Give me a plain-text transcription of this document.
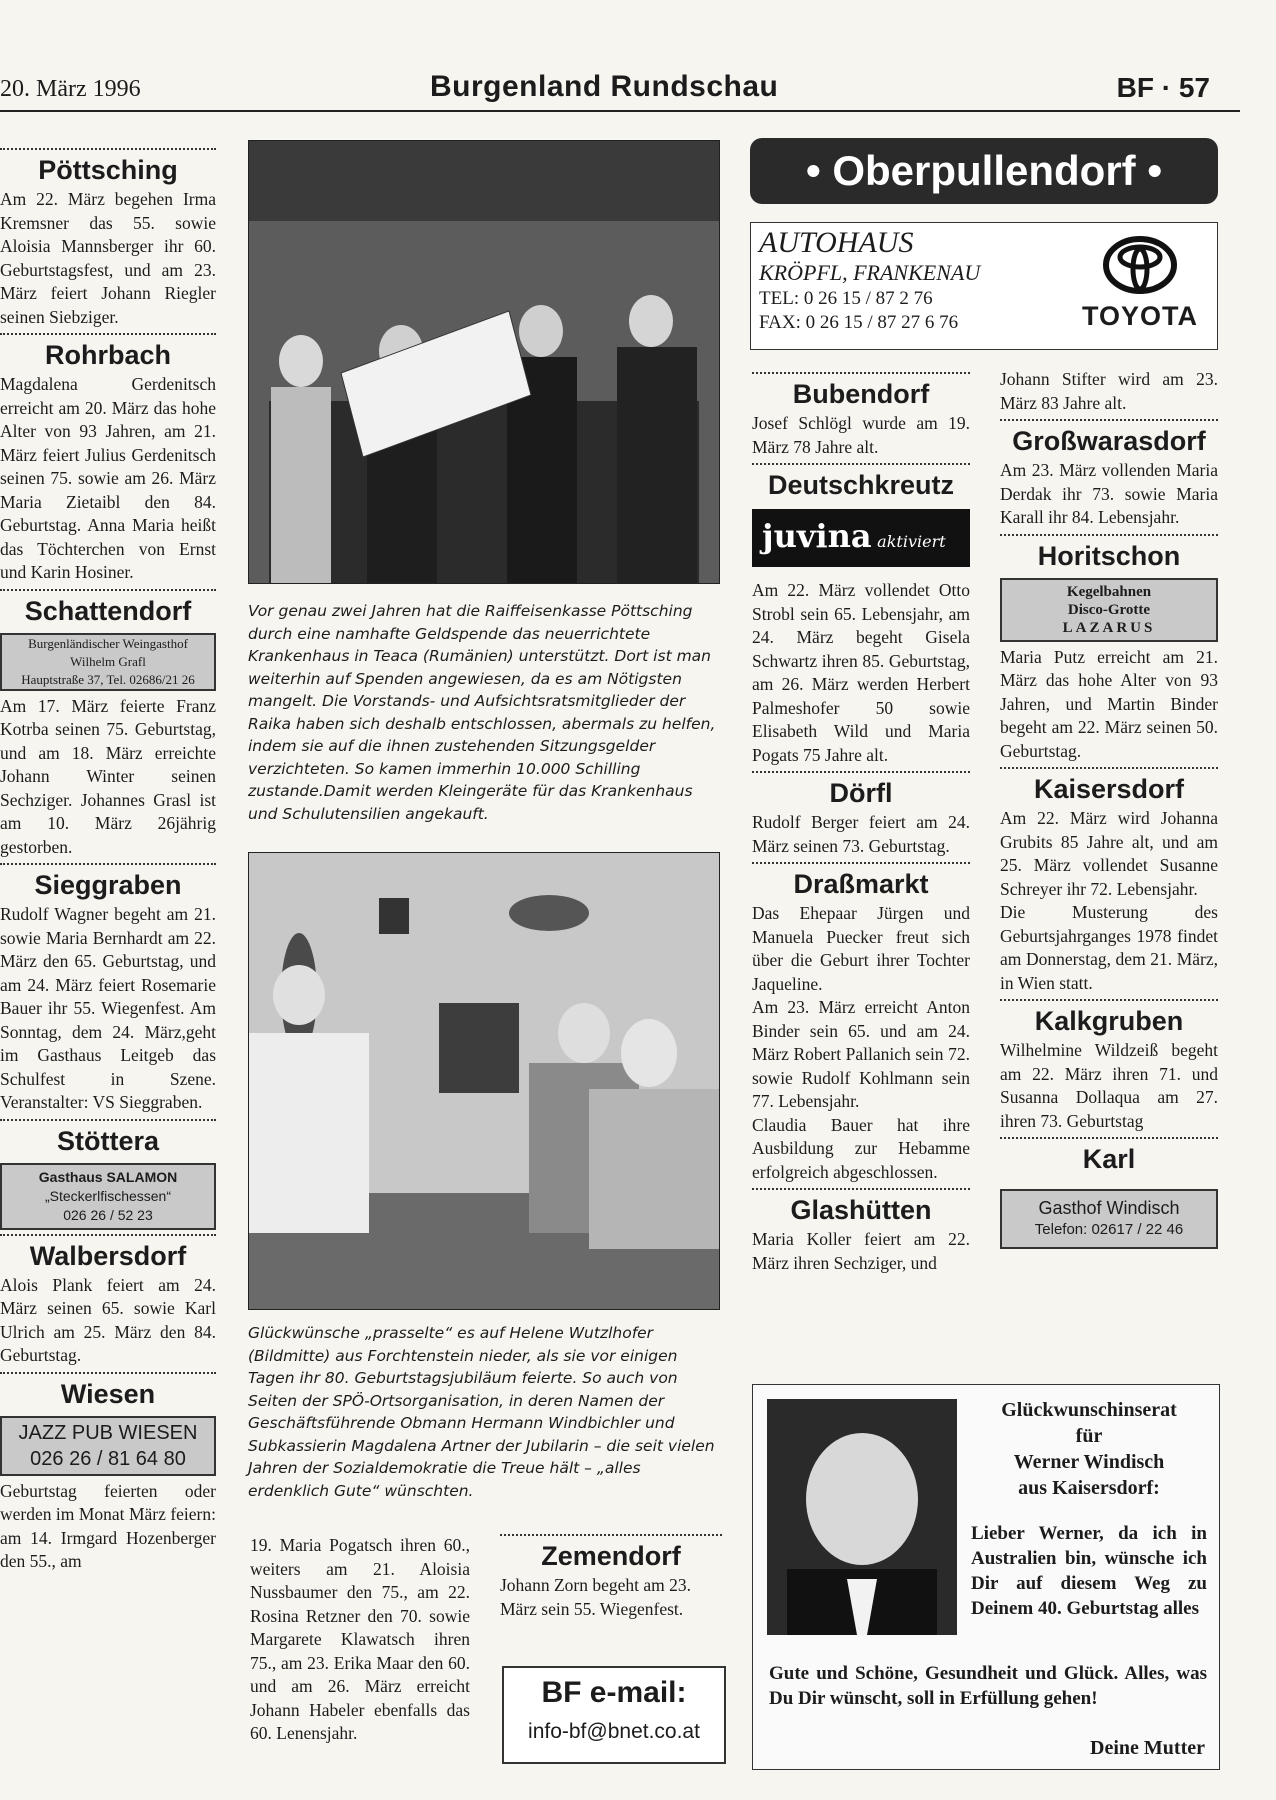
20. März 1996	Burgenland Rundschau	BF · 57
Pöttsching

Am 22. März begehen Irma Kremsner das 55. sowie Aloisia Mannsberger ihr 60. Geburtstagsfest, und am 23. März feiert Johann Riegler seinen Siebziger.

Rohrbach

Magdalena Gerdenitsch erreicht am 20. März das hohe Alter von 93 Jahren, am 21. März feiert Julius Gerdenitsch seinen 75. sowie am 26. März Maria Zietaibl den 84. Geburtstag. Anna Maria heißt das Töchterchen von Ernst und Karin Hosiner.

Schattendorf
Burgenländischer Weingasthof
Wilhelm Grafl
Hauptstraße 37, Tel. 02686/21 26

Am 17. März feierte Franz Kotrba seinen 75. Geburtstag, und am 18. März erreichte Johann Winter seinen Sechziger. Johannes Grasl ist am 10. März 26jährig gestorben.

Sieggraben

Rudolf Wagner begeht am 21. sowie Maria Bernhardt am 22. März den 65. Geburtstag, und am 24. März feiert Rosemarie Bauer ihr 55. Wiegenfest. Am Sonntag, dem 24. März,geht im Gasthaus Leitgeb das Schulfest in Szene. Veranstalter: VS Sieggraben.

Stöttera
Gasthaus SALAMON
„Steckerlfischessen“
026 26 / 52 23
Walbersdorf

Alois Plank feiert am 24. März seinen 65. sowie Karl Ulrich am 25. März den 84. Geburtstag.

Wiesen
JAZZ PUB WIESEN
026 26 / 81 64 80

Geburtstag feierten oder werden im Monat März feiern: am 14. Irmgard Hozenberger den 55., am

Vor genau zwei Jahren hat die Raiffeisenkasse Pöttsching durch eine namhafte Geldspende das neuerrichtete Krankenhaus in Teaca (Rumänien) unterstützt. Dort ist man weiterhin auf Spenden angewiesen, da es am Nötigsten mangelt. Die Vorstands- und Aufsichtsratsmitglieder der Raika haben sich deshalb entschlossen, abermals zu helfen, indem sie auf die ihnen zustehenden Sitzungsgelder verzichteten. So kamen immerhin 10.000 Schilling zustande.Damit werden Kleingeräte für das Krankenhaus und Schulutensilien angekauft.
Glückwünsche „prasselte“ es auf Helene Wutzlhofer (Bildmitte) aus Forchtenstein nieder, als sie vor einigen Tagen ihr 80. Geburtstagsjubiläum feierte. So auch von Seiten der SPÖ-Ortsorganisation, in deren Namen der Geschäftsführende Obmann Hermann Windbichler und Subkassierin Magdalena Artner der Jubilarin – die seit vielen Jahren der Sozialdemokratie die Treue hält – „alles erdenklich Gute“ wünschten.

19. Maria Pogatsch ihren 60., weiters am 21. Aloisia Nussbaumer den 75., am 22. Rosina Retzner den 70. sowie Margarete Klawatsch ihren 75., am 23. Erika Maar den 60. und am 26. März erreicht Johann Habeler ebenfalls das 60. Lenensjahr.

Zemendorf

Johann Zorn begeht am 23. März sein 55. Wiegenfest.

BF e-mail:
info-bf@bnet.co.at
• Oberpullendorf •
AUTOHAUS
KRÖPFL, FRANKENAU
TEL: 0 26 15 / 87 2 76
FAX: 0 26 15 / 87 27 6 76	TOYOTA
Bubendorf

Josef Schlögl wurde am 19. März 78 Jahre alt.

Deutschkreutz
juvina aktiviert

Am 22. März vollendet Otto Strobl sein 65. Lebensjahr, am 24. März begeht Gisela Schwartz ihren 85. Geburtstag, am 26. März werden Herbert Palmeshofer 50 sowie Elisabeth Wild und Maria Pogats 75 Jahre alt.

Dörfl

Rudolf Berger feiert am 24. März seinen 73. Geburtstag.

Draßmarkt

Das Ehepaar Jürgen und Manuela Puecker freut sich über die Geburt ihrer Tochter Jaqueline.

Am 23. März erreicht Anton Binder sein 65. und am 24. März Robert Pallanich sein 72. sowie Rudolf Kohlmann sein 77. Lebensjahr.

Claudia Bauer hat ihre Ausbildung zur Hebamme erfolgreich abgeschlossen.

Glashütten

Maria Koller feiert am 22. März ihren Sechziger, und

Johann Stifter wird am 23. März 83 Jahre alt.

Großwarasdorf

Am 23. März vollenden Maria Derdak ihr 73. sowie Maria Karall ihr 84. Lebensjahr.

Horitschon
Kegelbahnen
Disco-Grotte
LAZARUS

Maria Putz erreicht am 21. März das hohe Alter von 93 Jahren, und Martin Binder begeht am 22. März seinen 50. Geburtstag.

Kaisersdorf

Am 22. März wird Johanna Grubits 85 Jahre alt, und am 25. März vollendet Susanne Schreyer ihr 72. Lebensjahr.

Die Musterung des Geburtsjahrganges 1978 findet am Donnerstag, dem 21. März, in Wien statt.

Kalkgruben

Wilhelmine Wildzeiß begeht am 22. März ihren 71. und Susanna Dollaqua am 27. ihren 73. Geburtstag

Karl
Gasthof Windisch
Telefon: 02617 / 22 46
Glückwunschinserat
für
Werner Windisch
aus Kaisersdorf:

Lieber Werner, da ich in Australien bin, wünsche ich Dir auf diesem Weg zu Deinem 40. Geburtstag alles

Gute und Schöne, Gesundheit und Glück. Alles, was Du Dir wünscht, soll in Erfüllung gehen!

Deine Mutter
